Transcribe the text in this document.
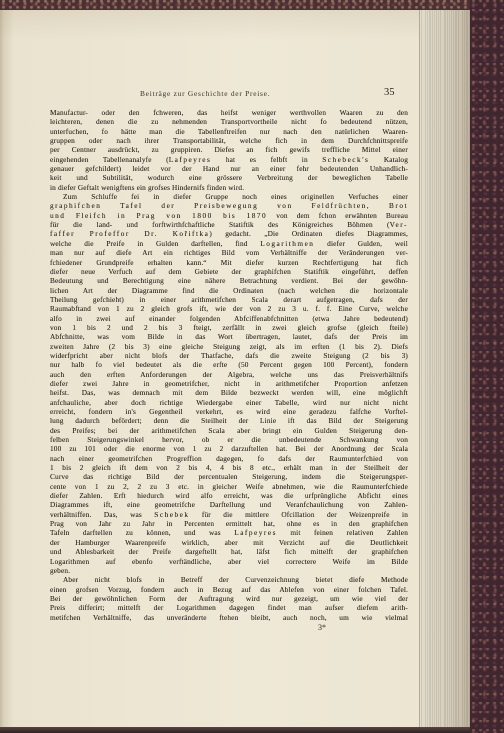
Beiträge zur Geschichte der Preise.	35
Manufactur- oder den fchweren, das heifst weniger werthvollen Waaren zu den
leichteren, denen die zu nehmenden Transportvortheile nicht fo bedeutend nützen,
unterfuchen, fo hätte man die Tabellenftreifen nur nach den natürlichen Waaren-
gruppen oder nach ihrer Transportabilität, welche fich in dem Durchfchnittspreife
per Centner ausdrückt, zu gruppiren. Diefes an fich gewifs treffliche Mittel einer
eingehenden Tabellenanalyfe (Lafpeyres hat es felbft in Schebeck's Katalog
genauer gefchildert) leidet vor der Hand nur an einer fehr bedeutenden Unhandlich-
keit und Subtilität, wodurch eine grössere Verbreitung der beweglichen Tabelle
in diefer Geftalt wenigftens ein grofses Hindernifs finden wird.
Zum Schluffe fei in diefer Gruppe noch eines originellen Verfuches einer
graphifchen Tafel der Preisbewegung von Feldfrüchten, Brot
und Fleifch in Prag von 1800 bis 1870 von dem fchon erwähnten Bureau
für die land- und forftwirthfchaftliche Statiftik des Königreiches Böhmen (Ver-
faffer Profeffor Dr. Kořiftka) gedacht. „Die Ordinaten diefes Diagrammes,
welche die Preife in Gulden darftellen, find Logarithmen diefer Gulden, weil
man nur auf diefe Art ein richtiges Bild vom Verhältniffe der Veränderungen ver-
fchiedener Grundpreife erhalten kann.“ Mit diefer kurzen Rechtfertigung hat fich
diefer neue Verfuch auf dem Gebiete der graphifchen Statiftik eingeführt, deffen
Bedeutung und Berechtigung eine nähere Betrachtung verdient. Bei der gewöhn-
lichen Art der Diagramme find die Ordinaten (nach welchen die horizontale
Theilung gefchieht) in einer arithmetifchen Scala derart aufgetragen, dafs der
Raumabftand von 1 zu 2 gleich grofs ift, wie der von 2 zu 3 u. f. f. Eine Curve, welche
alfo in zwei auf einander folgenden Abfciffenabfchnitten (etwa Jahre bedeutend)
von 1 bis 2 und 2 bis 3 fteigt, zerfällt in zwei gleich grofse (gleich fteile)
Abfchnitte, was vom Bilde in das Wort übertragen, lautet, dafs der Preis im
zweiten Jahre (2 bis 3) eine gleiche Steigung zeigt, als im erften (1 bis 2). Diefs
widerfpricht aber nicht blofs der Thatfache, dafs die zweite Steigung (2 bis 3)
nur halb fo viel bedeutet als die erfte (50 Percent gegen 100 Percent), fondern
auch den erften Anforderungen der Algebra, welche uns das Preisverhältnifs
diefer zwei Jahre in geometrifcher, nicht in arithmetifcher Proportion anfetzen
heifst. Das, was demnach mit dem Bilde bezweckt werden will, eine möglichft
anfchauliche, aber doch richtige Wiedergabe einer Tabelle, wird nur nicht nicht
erreicht, fondern in's Gegentheil verkehrt, es wird eine geradezu falfche Vorftel-
lung dadurch befördert; denn die Steilheit der Linie ift das Bild der Steigerung
des Preifes; bei der arithmetifchen Scala aber bringt ein Gulden Steigerung den-
felben Steigerungswinkel hervor, ob er die unbedeutende Schwankung von
100 zu 101 oder die enorme von 1 zu 2 darzuftellen hat. Bei der Anordnung der Scala
nach einer geometrifchen Progreffion dagegen, fo dafs der Raumunterfchied von
1 bis 2 gleich ift dem von 2 bis 4, 4 bis 8 etc., erhält man in der Steilheit der
Curve das richtige Bild der percentualen Steigerung, indem die Steigerungsper-
cente von 1 zu 2, 2 zu 3 etc. in gleicher Weife abnehmen, wie die Raumunterfchiede
diefer Zahlen. Erft hiedurch wird alfo erreicht, was die urfprüngliche Abficht eines
Diagrammes ift, eine geometrifche Darftellung und Veranfchaulichung von Zahlen-
verhältniffen. Das, was Schebek für die mittlere Ofcillation der Weizenpreife in
Prag von Jahr zu Jahr in Percenten ermittelt hat, ohne es in den graphifchen
Tafeln darftellen zu können, und was Lafpeyres mit feinen relativen Zahlen
der Hamburger Waarenpreife wirklich, aber mit Verzicht auf die Deutlichkeit
und Ablesbarkeit der Preife dargeftellt hat, läfst fich mittelft der graphifchen
Logarithmen auf ebenfo verftändliche, aber viel correctere Weife im Bilde
geben.
Aber nicht blofs in Betreff der Curvenzeichnung bietet diefe Methode
einen grofsen Vorzug, fondern auch in Bezug auf das Ablefen von einer folchen Tafel.
Bei der gewöhnlichen Form der Auftragung wird nur gezeigt, um wie viel der
Preis differirt; mittelft der Logarithmen dagegen findet man aufser diefem arith-
metifchen Verhältniffe, das unveränderte ftehen bleibt, auch noch, um wie vielmal
3*
